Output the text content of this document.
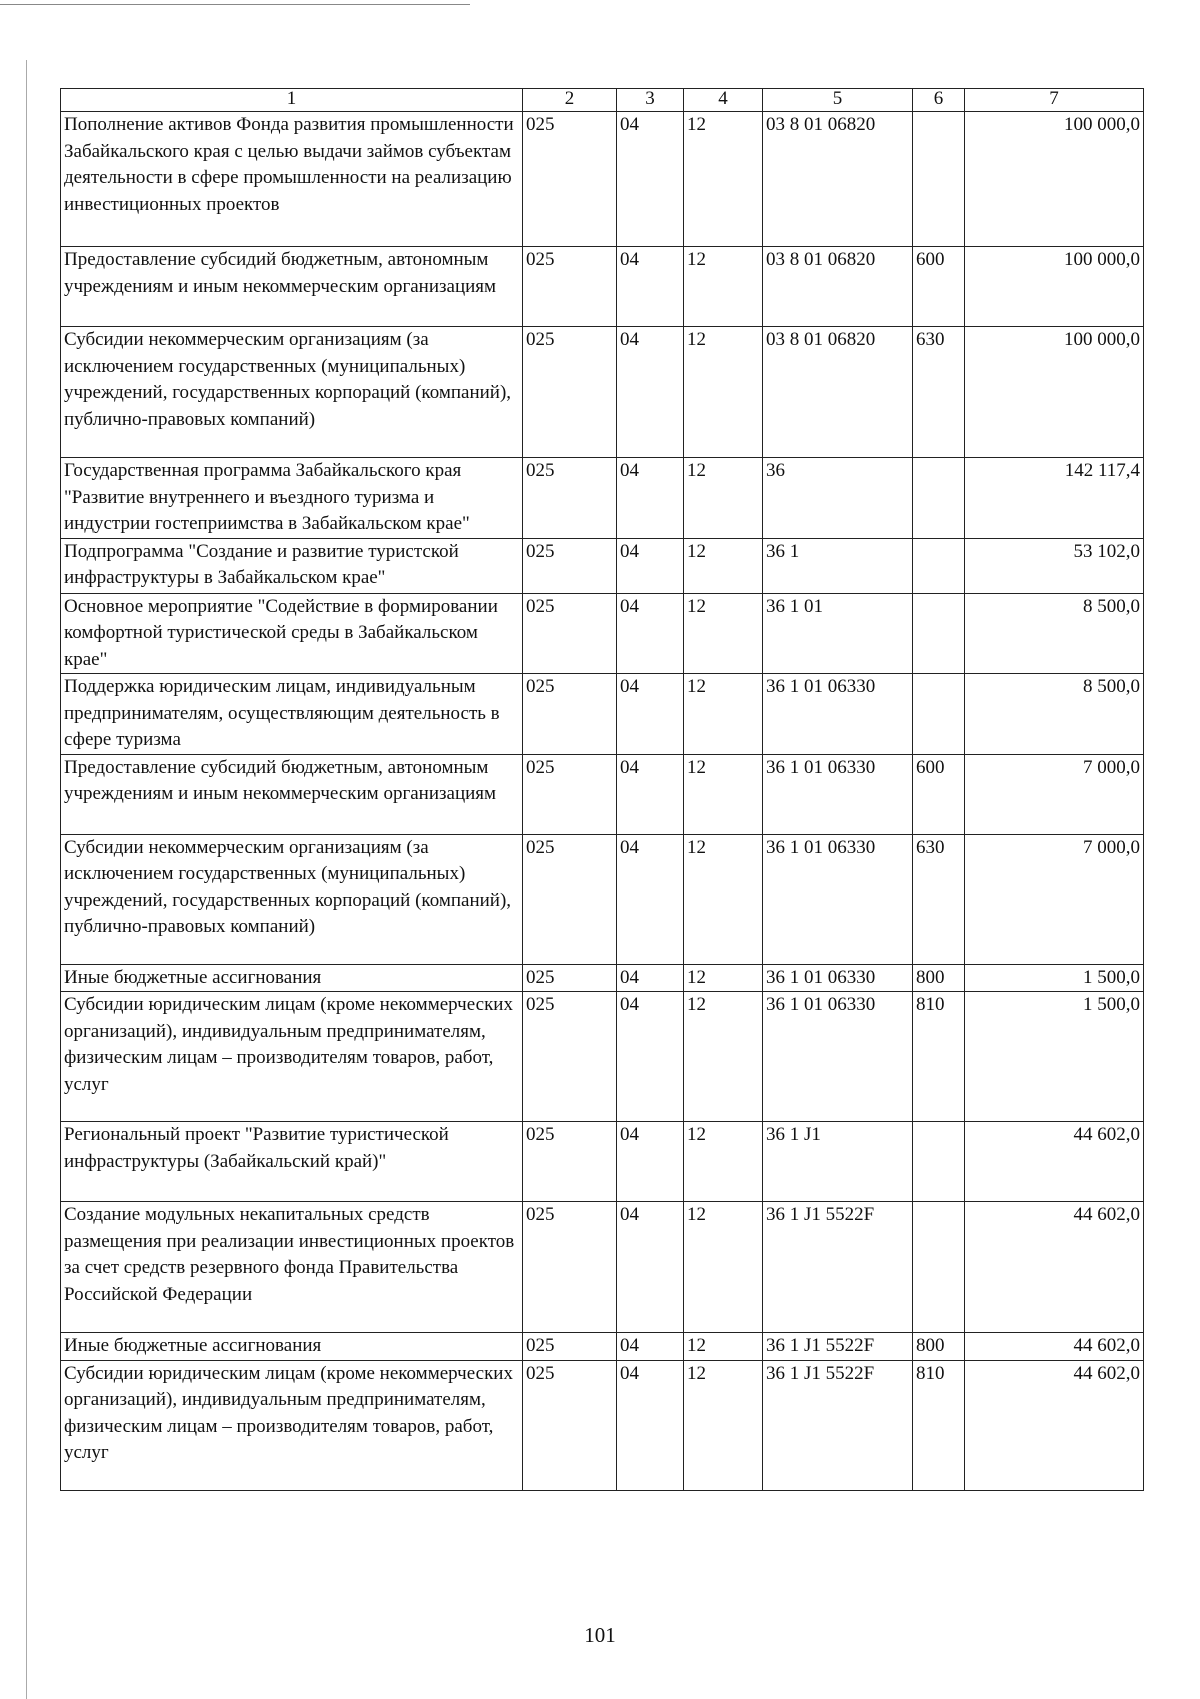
1	2	3	4	5	6	7
Пополнение активов Фонда развития промышленности Забайкальского края с целью выдачи займов субъектам деятельности в сфере промышленности на реализацию инвестиционных проектов	025	04	12	03 8 01 06820		100 000,0
Предоставление субсидий бюджетным, автономным учреждениям и иным некоммерческим организациям	025	04	12	03 8 01 06820	600	100 000,0
Субсидии некоммерческим организациям (за исключением государственных (муниципальных) учреждений, государственных корпораций (компаний), публично-правовых компаний)	025	04	12	03 8 01 06820	630	100 000,0
Государственная программа Забайкальского края "Развитие внутреннего и въездного туризма и индустрии гостеприимства в Забайкальском крае"	025	04	12	36		142 117,4
Подпрограмма "Создание и развитие туристской инфраструктуры в Забайкальском крае"	025	04	12	36 1		53 102,0
Основное мероприятие "Содействие в формировании комфортной туристической среды в Забайкальском крае"	025	04	12	36 1 01		8 500,0
Поддержка юридическим лицам, индивидуальным предпринимателям, осуществляющим деятельность в сфере туризма	025	04	12	36 1 01 06330		8 500,0
Предоставление субсидий бюджетным, автономным учреждениям и иным некоммерческим организациям	025	04	12	36 1 01 06330	600	7 000,0
Субсидии некоммерческим организациям (за исключением государственных (муниципальных) учреждений, государственных корпораций (компаний), публично-правовых компаний)	025	04	12	36 1 01 06330	630	7 000,0
Иные бюджетные ассигнования	025	04	12	36 1 01 06330	800	1 500,0
Субсидии юридическим лицам (кроме некоммерческих организаций), индивидуальным предпринимателям, физическим лицам – производителям товаров, работ, услуг	025	04	12	36 1 01 06330	810	1 500,0
Региональный проект "Развитие туристической инфраструктуры (Забайкальский край)"	025	04	12	36 1 J1		44 602,0
Создание модульных некапитальных средств размещения при реализации инвестиционных проектов за счет средств резервного фонда Правительства Российской Федерации	025	04	12	36 1 J1 5522F		44 602,0
Иные бюджетные ассигнования	025	04	12	36 1 J1 5522F	800	44 602,0
Субсидии юридическим лицам (кроме некоммерческих организаций), индивидуальным предпринимателям, физическим лицам – производителям товаров, работ, услуг	025	04	12	36 1 J1 5522F	810	44 602,0
101
